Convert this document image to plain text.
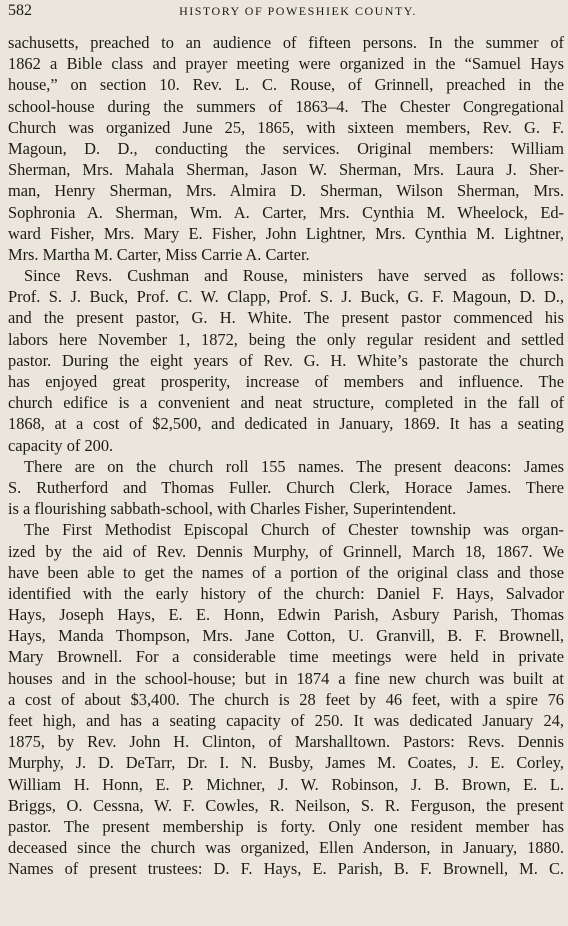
582	HISTORY OF POWESHIEK COUNTY.
sachusetts, preached to an audience of fifteen persons. In the summer of
1862 a Bible class and prayer meeting were organized in the “Samuel Hays
house,” on section 10. Rev. L. C. Rouse, of Grinnell, preached in the
school-house during the summers of 1863–4. The Chester Congregational
Church was organized June 25, 1865, with sixteen members, Rev. G. F.
Magoun, D. D., conducting the services. Original members: William
Sherman, Mrs. Mahala Sherman, Jason W. Sherman, Mrs. Laura J. Sher-
man, Henry Sherman, Mrs. Almira D. Sherman, Wilson Sherman, Mrs.
Sophronia A. Sherman, Wm. A. Carter, Mrs. Cynthia M. Wheelock, Ed-
ward Fisher, Mrs. Mary E. Fisher, John Lightner, Mrs. Cynthia M. Lightner,
Mrs. Martha M. Carter, Miss Carrie A. Carter.
Since Revs. Cushman and Rouse, ministers have served as follows:
Prof. S. J. Buck, Prof. C. W. Clapp, Prof. S. J. Buck, G. F. Magoun, D. D.,
and the present pastor, G. H. White. The present pastor commenced his
labors here November 1, 1872, being the only regular resident and settled
pastor. During the eight years of Rev. G. H. White’s pastorate the church
has enjoyed great prosperity, increase of members and influence. The
church edifice is a convenient and neat structure, completed in the fall of
1868, at a cost of $2,500, and dedicated in January, 1869. It has a seating
capacity of 200.
There are on the church roll 155 names. The present deacons: James
S. Rutherford and Thomas Fuller. Church Clerk, Horace James. There
is a flourishing sabbath-school, with Charles Fisher, Superintendent.
The First Methodist Episcopal Church of Chester township was organ-
ized by the aid of Rev. Dennis Murphy, of Grinnell, March 18, 1867. We
have been able to get the names of a portion of the original class and those
identified with the early history of the church: Daniel F. Hays, Salvador
Hays, Joseph Hays, E. E. Honn, Edwin Parish, Asbury Parish, Thomas
Hays, Manda Thompson, Mrs. Jane Cotton, U. Granvill, B. F. Brownell,
Mary Brownell. For a considerable time meetings were held in private
houses and in the school-house; but in 1874 a fine new church was built at
a cost of about $3,400. The church is 28 feet by 46 feet, with a spire 76
feet high, and has a seating capacity of 250. It was dedicated January 24,
1875, by Rev. John H. Clinton, of Marshalltown. Pastors: Revs. Dennis
Murphy, J. D. DeTarr, Dr. I. N. Busby, James M. Coates, J. E. Corley,
William H. Honn, E. P. Michner, J. W. Robinson, J. B. Brown, E. L.
Briggs, O. Cessna, W. F. Cowles, R. Neilson, S. R. Ferguson, the present
pastor. The present membership is forty. Only one resident member has
deceased since the church was organized, Ellen Anderson, in January, 1880.
Names of present trustees: D. F. Hays, E. Parish, B. F. Brownell, M. C.
